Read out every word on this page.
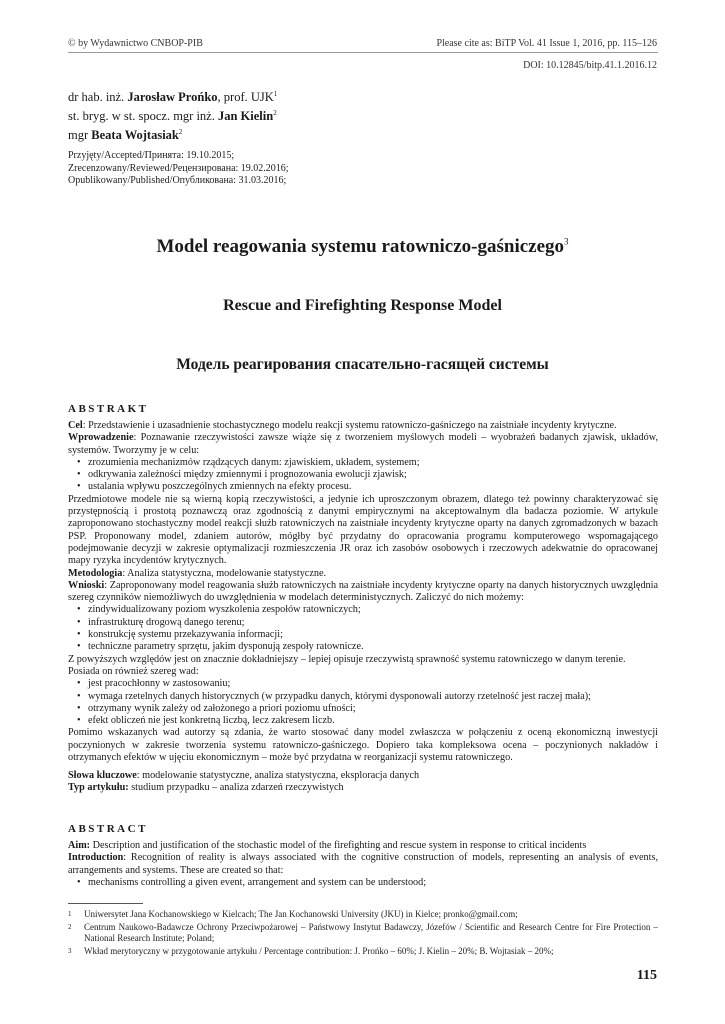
© by Wydawnictwo CNBOP-PIB	Please cite as: BiTP Vol. 41 Issue 1, 2016, pp. 115–126
DOI: 10.12845/bitp.41.1.2016.12
dr hab. inż. Jarosław Prońko, prof. UJK$^1$
st. bryg. w st. spocz. mgr inż. Jan Kielin$^2$
mgr Beata Wojtasiak$^2$
Przyjęty/Accepted/Принята: 19.10.2015;
Zrecenzowany/Reviewed/Рецензирована: 19.02.2016;
Opublikowany/Published/Опубликована: 31.03.2016;
Model reagowania systemu ratowniczo-gaśniczego$^3$
Rescue and Firefighting Response Model
Модель реагирования спасательно-гасящей системы
ABSTRAKT

Cel: Przedstawienie i uzasadnienie stochastycznego modelu reakcji systemu ratowniczo-gaśniczego na zaistniałe incydenty krytyczne.

Wprowadzenie: Poznawanie rzeczywistości zawsze wiąże się z tworzeniem myślowych modeli – wyobrażeń badanych zjawisk, układów, systemów. Tworzymy je w celu:

• zrozumienia mechanizmów rządzących danym: zjawiskiem, układem, systemem;
• odkrywania zależności między zmiennymi i prognozowania ewolucji zjawisk;
• ustalania wpływu poszczególnych zmiennych na efekty procesu.

Przedmiotowe modele nie są wierną kopią rzeczywistości, a jedynie ich uproszczonym obrazem, dlatego też powinny charakteryzować się przystępnością i prostotą poznawczą oraz zgodnością z danymi empirycznymi na akceptowalnym dla badacza poziomie. W artykule zaproponowano stochastyczny model reakcji służb ratowniczych na zaistniałe incydenty krytyczne oparty na danych zgromadzonych w bazach PSP. Proponowany model, zdaniem autorów, mógłby być przydatny do opracowania programu komputerowego wspomagającego podejmowanie decyzji w zakresie optymalizacji rozmieszczenia JR oraz ich zasobów osobowych i rzeczowych adekwatnie do opracowanej mapy ryzyka incydentów krytycznych.

Metodologia: Analiza statystyczna, modelowanie statystyczne.

Wnioski: Zaproponowany model reagowania służb ratowniczych na zaistniałe incydenty krytyczne oparty na danych historycznych uwzględnia szereg czynników niemożliwych do uwzględnienia w modelach deterministycznych. Zaliczyć do nich możemy:

• zindywidualizowany poziom wyszkolenia zespołów ratowniczych;
• infrastrukturę drogową danego terenu;
• konstrukcję systemu przekazywania informacji;
• techniczne parametry sprzętu, jakim dysponują zespoły ratownicze.

Z powyższych względów jest on znacznie dokładniejszy – lepiej opisuje rzeczywistą sprawność systemu ratowniczego w danym terenie.

Posiada on również szereg wad:

• jest pracochłonny w zastosowaniu;
• wymaga rzetelnych danych historycznych (w przypadku danych, którymi dysponowali autorzy rzetelność jest raczej mała);
• otrzymany wynik zależy od założonego a priori poziomu ufności;
• efekt obliczeń nie jest konkretną liczbą, lecz zakresem liczb.

Pomimo wskazanych wad autorzy są zdania, że warto stosować dany model zwłaszcza w połączeniu z oceną ekonomiczną inwestycji poczynionych w zakresie tworzenia systemu ratowniczo-gaśniczego. Dopiero taka kompleksowa ocena – poczynionych nakładów i otrzymanych efektów w ujęciu ekonomicznym – może być przydatna w reorganizacji systemu ratowniczego.

Słowa kluczowe: modelowanie statystyczne, analiza statystyczna, eksploracja danych

Typ artykułu: studium przypadku – analiza zdarzeń rzeczywistych

ABSTRACT

Aim: Description and justification of the stochastic model of the firefighting and rescue system in response to critical incidents

Introduction: Recognition of reality is always associated with the cognitive construction of models, representing an analysis of events, arrangements and systems. These are created so that:

• mechanisms controlling a given event, arrangement and system can be understood;
1	Uniwersytet Jana Kochanowskiego w Kielcach; The Jan Kochanowski University (JKU) in Kielce; pronko@gmail.com;
2	Centrum Naukowo-Badawcze Ochrony Przeciwpożarowej – Państwowy Instytut Badawczy, Józefów / Scientific and Research Centre for Fire Protection – National Research Institute; Poland;
3	Wkład merytoryczny w przygotowanie artykułu / Percentage contribution: J. Prońko – 60%; J. Kielin – 20%; B. Wojtasiak – 20%;
115
